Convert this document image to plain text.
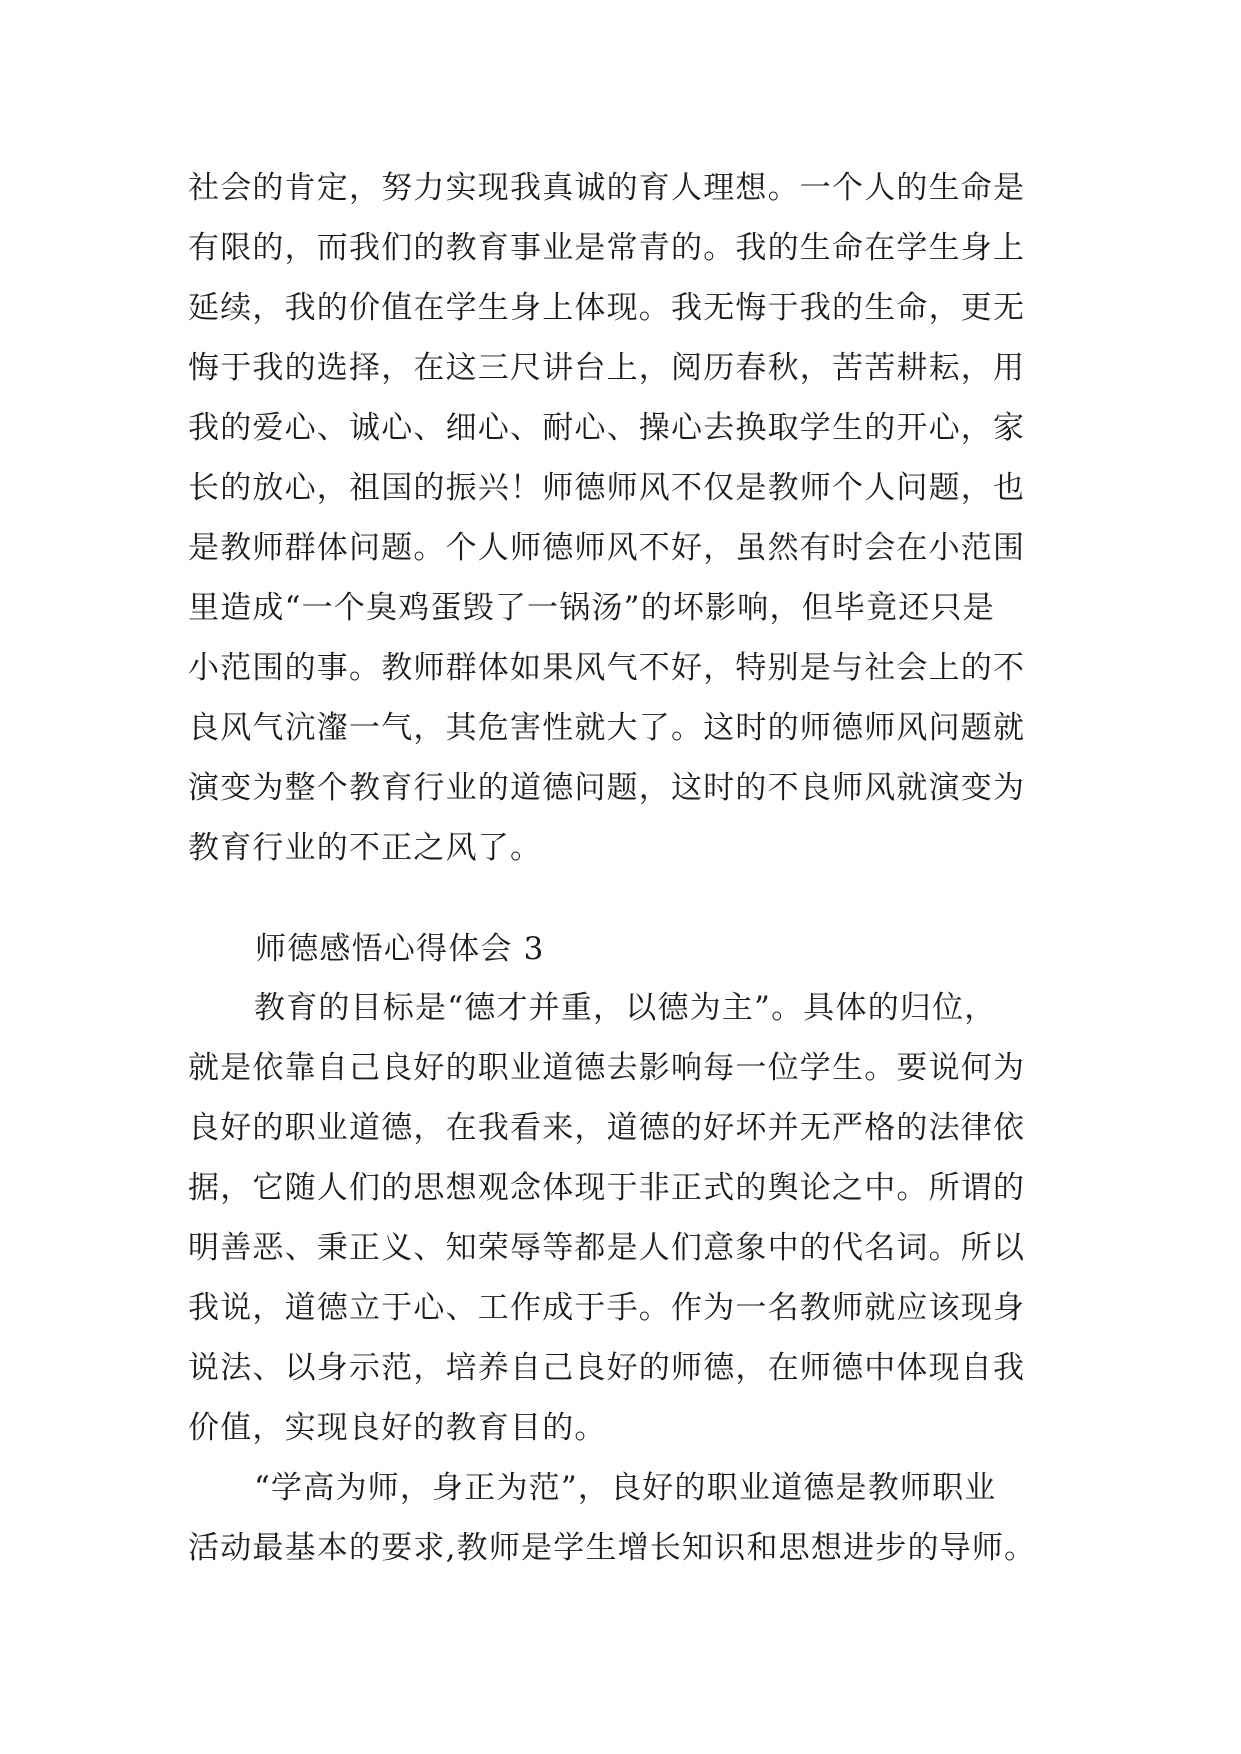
社会的肯定，努力实现我真诚的育人理想。一个人的生命是
有限的，而我们的教育事业是常青的。我的生命在学生身上
延续，我的价值在学生身上体现。我无悔于我的生命，更无
悔于我的选择，在这三尺讲台上，阅历春秋，苦苦耕耘，用
我的爱心、诚心、细心、耐心、操心去换取学生的开心，家
长的放心，祖国的振兴！师德师风不仅是教师个人问题，也
是教师群体问题。个人师德师风不好，虽然有时会在小范围
里造成“一个臭鸡蛋毁了一锅汤”的坏影响，但毕竟还只是
小范围的事。教师群体如果风气不好，特别是与社会上的不
良风气沆瀣一气，其危害性就大了。这时的师德师风问题就
演变为整个教育行业的道德问题，这时的不良师风就演变为
教育行业的不正之风了。
师德感悟心得体会 3
教育的目标是“德才并重，以德为主”。具体的归位，
就是依靠自己良好的职业道德去影响每一位学生。要说何为
良好的职业道德，在我看来，道德的好坏并无严格的法律依
据，它随人们的思想观念体现于非正式的舆论之中。所谓的
明善恶、秉正义、知荣辱等都是人们意象中的代名词。所以
我说，道德立于心、工作成于手。作为一名教师就应该现身
说法、以身示范，培养自己良好的师德，在师德中体现自我
价值，实现良好的教育目的。
“学高为师，身正为范”，良好的职业道德是教师职业
活动最基本的要求,教师是学生增长知识和思想进步的导师。
